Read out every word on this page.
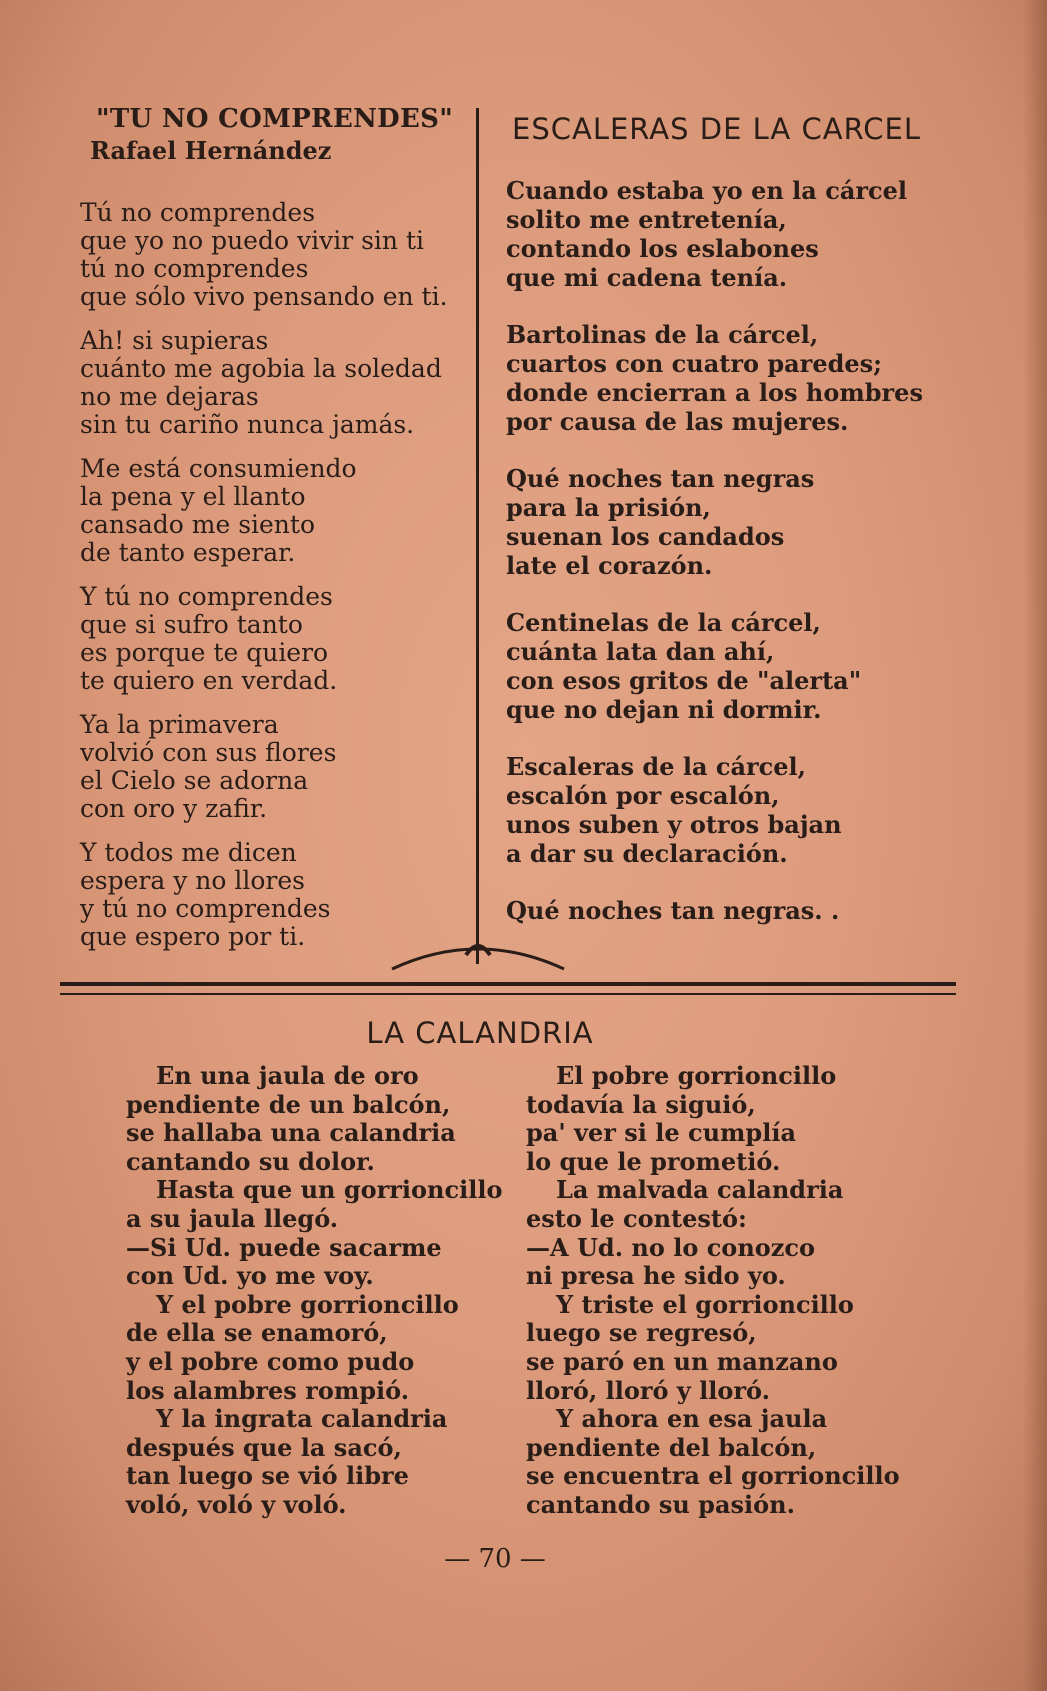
"TU NO COMPRENDES"
Rafael Hernández
Tú no comprendes
que yo no puedo vivir sin ti
tú no comprendes
que sólo vivo pensando en ti.
Ah! si supieras
cuánto me agobia la soledad
no me dejaras
sin tu cariño nunca jamás.
Me está consumiendo
la pena y el llanto
cansado me siento
de tanto esperar.
Y tú no comprendes
que si sufro tanto
es porque te quiero
te quiero en verdad.
Ya la primavera
volvió con sus flores
el Cielo se adorna
con oro y zafir.
Y todos me dicen
espera y no llores
y tú no comprendes
que espero por ti.
ESCALERAS DE LA CARCEL
Cuando estaba yo en la cárcel
solito me entretenía,
contando los eslabones
que mi cadena tenía.
Bartolinas de la cárcel,
cuartos con cuatro paredes;
donde encierran a los hombres
por causa de las mujeres.
Qué noches tan negras
para la prisión,
suenan los candados
late el corazón.
Centinelas de la cárcel,
cuánta lata dan ahí,
con esos gritos de "alerta"
que no dejan ni dormir.
Escaleras de la cárcel,
escalón por escalón,
unos suben y otros bajan
a dar su declaración.
Qué noches tan negras. .
LA CALANDRIA
En una jaula de oro
pendiente de un balcón,
se hallaba una calandria
cantando su dolor.
Hasta que un gorrioncillo
a su jaula llegó.
—Si Ud. puede sacarme
con Ud. yo me voy.
Y el pobre gorrioncillo
de ella se enamoró,
y el pobre como pudo
los alambres rompió.
Y la ingrata calandria
después que la sacó,
tan luego se vió libre
voló, voló y voló.
El pobre gorrioncillo
todavía la siguió,
pa' ver si le cumplía
lo que le prometió.
La malvada calandria
esto le contestó:
—A Ud. no lo conozco
ni presa he sido yo.
Y triste el gorrioncillo
luego se regresó,
se paró en un manzano
lloró, lloró y lloró.
Y ahora en esa jaula
pendiente del balcón,
se encuentra el gorrioncillo
cantando su pasión.
— 70 —
